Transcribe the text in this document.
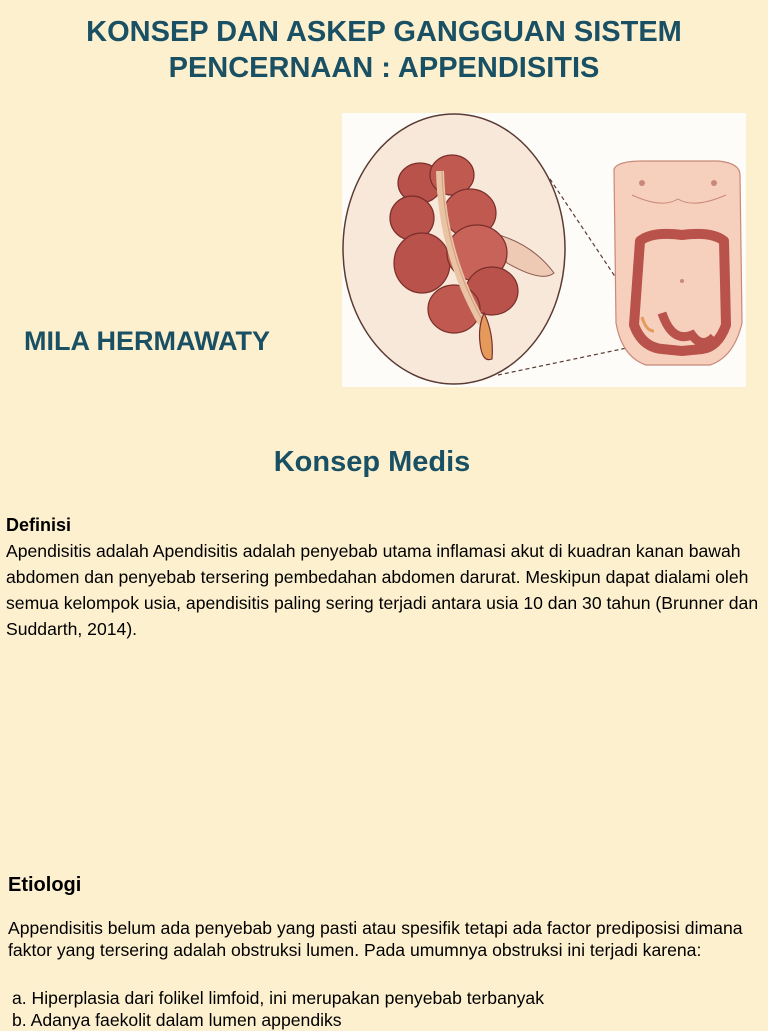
KONSEP DAN ASKEP GANGGUAN SISTEM
PENCERNAAN : APPENDISITIS
MILA HERMAWATY
Konsep Medis
Definisi

Apendisitis adalah Apendisitis adalah penyebab utama inflamasi akut di kuadran kanan bawah abdomen dan penyebab tersering pembedahan abdomen darurat. Meskipun dapat dialami oleh semua kelompok usia, apendisitis paling sering terjadi antara usia 10 dan 30 tahun (Brunner dan Suddarth, 2014).

Etiologi

Appendisitis belum ada penyebab yang pasti atau spesifik tetapi ada factor prediposisi dimana faktor yang tersering adalah obstruksi lumen. Pada umumnya obstruksi ini terjadi karena:

a. Hiperplasia dari folikel limfoid, ini merupakan penyebab terbanyak
b. Adanya faekolit dalam lumen appendiks
